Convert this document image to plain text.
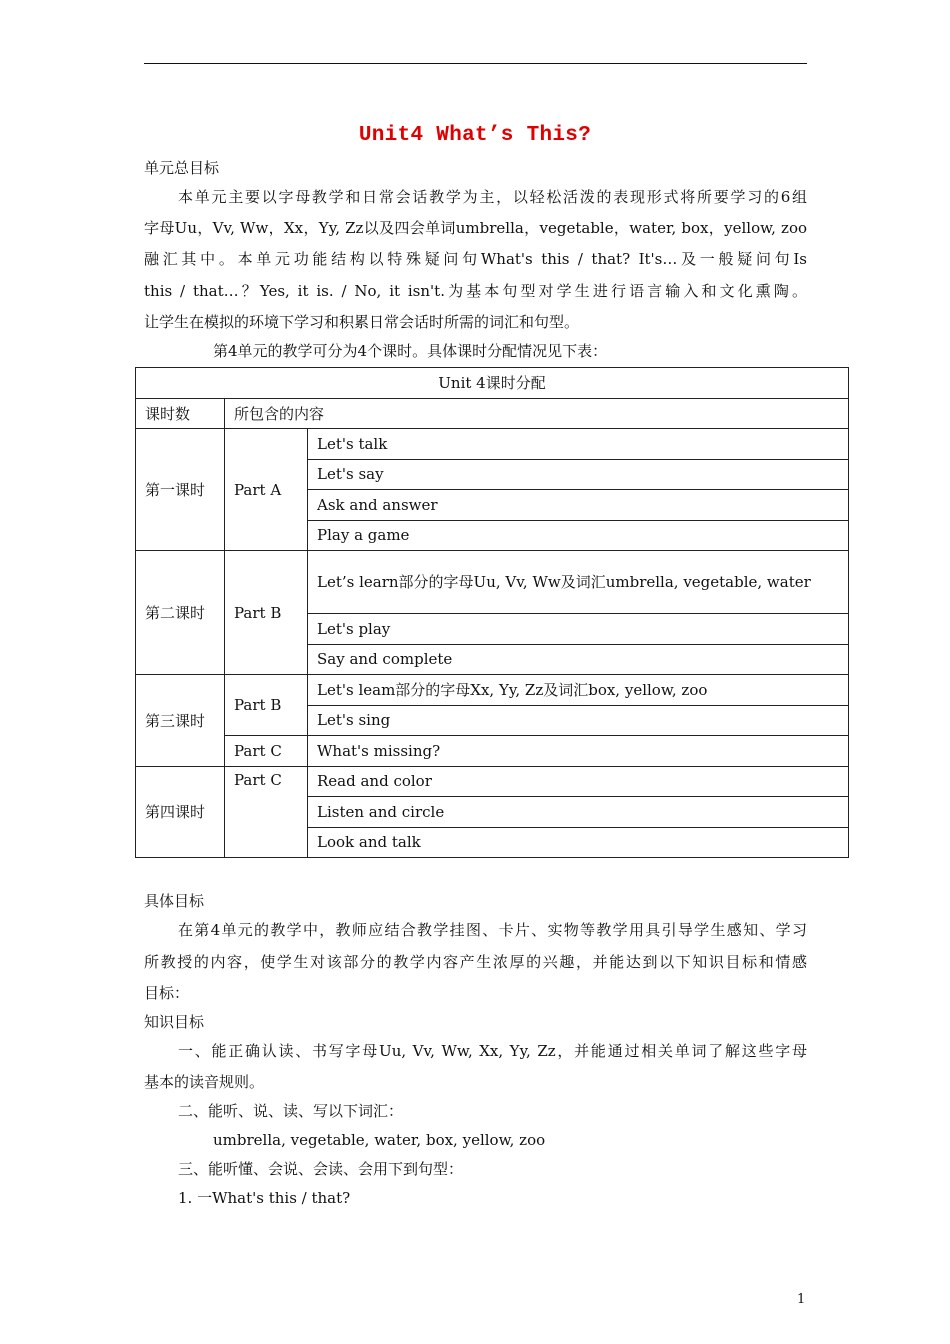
Unit4 What’s This?
单元总目标
本单元主要以字母教学和日常会话教学为主，以轻松活泼的表现形式将所要学习的6组
字母Uu，Vv, Ww，Xx，Yy, Zz以及四会单词umbrella，vegetable，water, box，yellow, zoo
融汇其中。本单元功能结构以特殊疑问句What's this / that? It's…及一般疑问句Is
this / that…？Yes, it is. / No, it isn't.为基本句型对学生进行语言输入和文化熏陶。
让学生在模拟的环境下学习和积累日常会话时所需的词汇和句型。
第4单元的教学可分为4个课时。具体课时分配情况见下表：
Unit 4课时分配		
课时数	所包含的内容	
第一课时	Part A	Let's talk
		Let's say
		Ask and answer
		Play a game
第二课时	Part B	Let’s learn部分的字母Uu, Vv, Ww及词汇umbrella, vegetable, water
		Let's play
		Say and complete
第三课时	Part B	Let's leam部分的字母Xx, Yy, Zz及词汇box, yellow, zoo
		Let's sing
	Part C	What's missing?
第四课时	Part C	Read and color
		Listen and circle
		Look and talk
具体目标
在第4单元的教学中，教师应结合教学挂图、卡片、实物等教学用具引导学生感知、学习
所教授的内容，使学生对该部分的教学内容产生浓厚的兴趣，并能达到以下知识目标和情感
目标：
知识目标
一、能正确认读、书写字母Uu, Vv, Ww, Xx, Yy, Zz，并能通过相关单词了解这些字母
基本的读音规则。
二、能听、说、读、写以下词汇：
umbrella, vegetable, water, box, yellow, zoo
三、能听懂、会说、会读、会用下到句型：
1. 一What's this / that?
1
